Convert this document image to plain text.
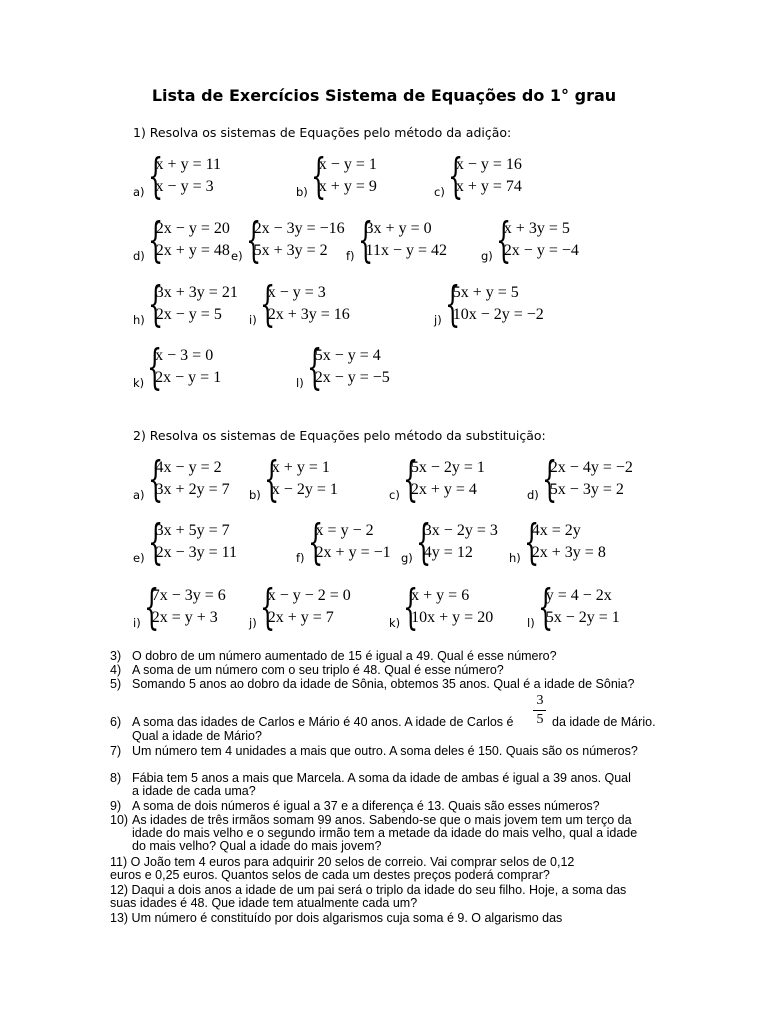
Lista de Exercícios Sistema de Equações do 1° grau
1) Resolva os sistemas de Equações pelo método da adição:
a) {
x + y = 11
x − y = 3	b) {
x − y = 1
x + y = 9	c) {
x − y = 16
x + y = 74
d) {
2x − y = 20
2x + y = 48 e) {
2x − 3y = −16
5x + 3y = 2	f) {
3x + y = 0
11x − y = 42	g) {
x + 3y = 5
2x − y = −4
h) {
3x + 3y = 21
2x − y = 5	i) {
x − y = 3
2x + 3y = 16	j) {
5x + y = 5
10x − 2y = −2
k) {
x − 3 = 0
2x − y = 1	l) {
5x − y = 4
2x − y = −5
2) Resolva os sistemas de Equações pelo método da substituição:
a) {
4x − y = 2
3x + 2y = 7 b) {
x + y = 1
x − 2y = 1	c) {
5x − 2y = 1
2x + y = 4	d) {
2x − 4y = −2
5x − 3y = 2
e) {
3x + 5y = 7
2x − 3y = 11	f) {
x = y − 2
2x + y = −1 g) {
3x − 2y = 3
4y = 12	h) {
4x = 2y
2x + 3y = 8
i) {
7x − 3y = 6
2x = y + 3	j) {
x − y − 2 = 0
2x + y = 7	k) {
x + y = 6
10x + y = 20	l) {
y = 4 − 2x
5x − 2y = 1
3) O dobro de um número aumentado de 15 é igual a 49. Qual é esse número?
4) A soma de um número com o seu triplo é 48. Qual é esse número?
5) Somando 5 anos ao dobro da idade de Sônia, obtemos 35 anos. Qual é a idade de Sônia?
6) A soma das idades de Carlos e Mário é 40 anos. A idade de Carlos é
3
5 da idade de Mário.
Qual a idade de Mário?
7) Um número tem 4 unidades a mais que outro. A soma deles é 150. Quais são os números?
8) Fábia tem 5 anos a mais que Marcela. A soma da idade de ambas é igual a 39 anos. Qual
a idade de cada uma?
9) A soma de dois números é igual a 37 e a diferença é 13. Quais são esses números?
10) As idades de três irmãos somam 99 anos. Sabendo-se que o mais jovem tem um terço da
idade do mais velho e o segundo irmão tem a metade da idade do mais velho, qual a idade
do mais velho? Qual a idade do mais jovem?
11) O João tem 4 euros para adquirir 20 selos de correio. Vai comprar selos de 0,12
euros e 0,25 euros. Quantos selos de cada um destes preços poderá comprar?
12) Daqui a dois anos a idade de um pai será o triplo da idade do seu filho. Hoje, a soma das
suas idades é 48. Que idade tem atualmente cada um?
13) Um número é constituído por dois algarismos cuja soma é 9. O algarismo das
